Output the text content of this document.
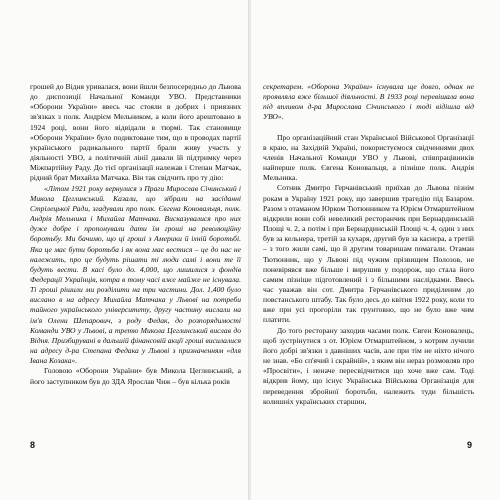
грошей до Відня уривалася, вони йшли безпосередньо до Львова до диспозиції Начальної Команди УВО. Представники «Оборони України» ввесь час стояли в добрих і приязних зв'язках з полк. Андрієм Мельником, а коли його арештовано в 1924 році, вони його відвідали в тюрмі. Так становище «Оборони України» було подиктоване тим, що в проводах партії українського радикального партії брали живу участь у діяльності УВО, а політичній лінії давали їй підтримку через Міжпартійну Раду. До тієї організації належав і Степан Матчак, рідний брат Михайла Матчака. Він так свідчить про ту дію:

«Літом 1921 року вернулися з Праги Мирослав Січинський і Микола Цеглинський. Казали, що зібрали на засіданні Стрілецької Ради, згадували про полк. Євгена Коновальця, полк. Андрія Мельника і Михайла Матчака. Висказувалися про них дуже добре і пропонували дати їм гроші на революційну боротьбу. Ми бачимо, що ці гроші з Америки й іхній боротьбі. Яка це має бути боротьба і як вона має вестися – це до нас не належить, про це будуть рішати ті люди самі і вони те її будуть вести. В касі було до. 4,000, що лишилися з фондів Федерації Українців, котра в тому часі вже майже не існувала. Ті гроші рішили ми розділити на три частини. Дол. 1,400 було вислано в на адресу Михайла Матчака у Львові на потреби тайного українського університету, другу частину вислали на ім'я Олени Шепарович, з роду Федак, до розпорядимості Команди УВО у Львові, а третю Микола Цеглинський вислав до Відня. Призбирувані в дальшій фінансовій акції гроші висилалися на адресу д-ра Степана Федака у Львові з призначенням «для Івана Козака».

Головою «Оборони України» був Микола Цеглинський, а його заступником був до ЗДА Ярослав Чиж – був кілька років

8

секретарем. «Оборона України» існувала ще довго, однак не проявляла вже більшої діяльності. В 1933 році перевішала вона під впливом д-ра Мирослава Січинського і тоді відішла від УВО».

Про організаційний стан Української Військової Організації в краю, на Західній Україні, покористуємося свідченнями двох членів Начальної Команди УВО у Львові, співпрацівників найперше полк. Євгена Коновальця, а пізніше полк. Андрія Мельника.

Сотник Дмитро Герчанівський приїхав до Львова пізнім рокам в Україну 1921 року, що завершив трагедію під Базаром. Разом з отаманом Юрком Тютюнником та Юрієм Отмарштейном відкрили вони собі невеликий ресторанчик при Бернардинській Площі ч. 2, а потім і при Бернардинській Площі ч. 4, один з них був за кельнера, третій за кухаря, другий був за касиєра, а третій – з того жили самі, що й другим товаришам помагали. Отаман Тютюнник, що у Львові під чужим прізвищем Полозов, не поневірявся вже більше і вирушив у подорож, що стала його самим пізніше підготовлений і з більшими наслідками. Ввесь час уважав він сот. Дмитра Герчанівського приділеним до повстанського штабу. Так було десь до квітня 1922 року, коли то вже при усі прогоріли так грунтовно, що не було вже чим платити.

До того ресторану заходив часами полк. Євген Коновалець, щоб зустрінутися з от. Юрієм Отмарштейном, з котрим лучили його добрі зв'язки з давніших часів, але при тім не ніхто нічого не знав. «Бо сп'ячий і скрайній», з яким він нераз розмовляв про «Просвіти», і неначе пересвідчитися що хоче вже сам. Тоді відкрив йому, що існує Українська Військова Організація для переведення збройної боротьби, належить туди більшість колишніх українських старшин,

9
